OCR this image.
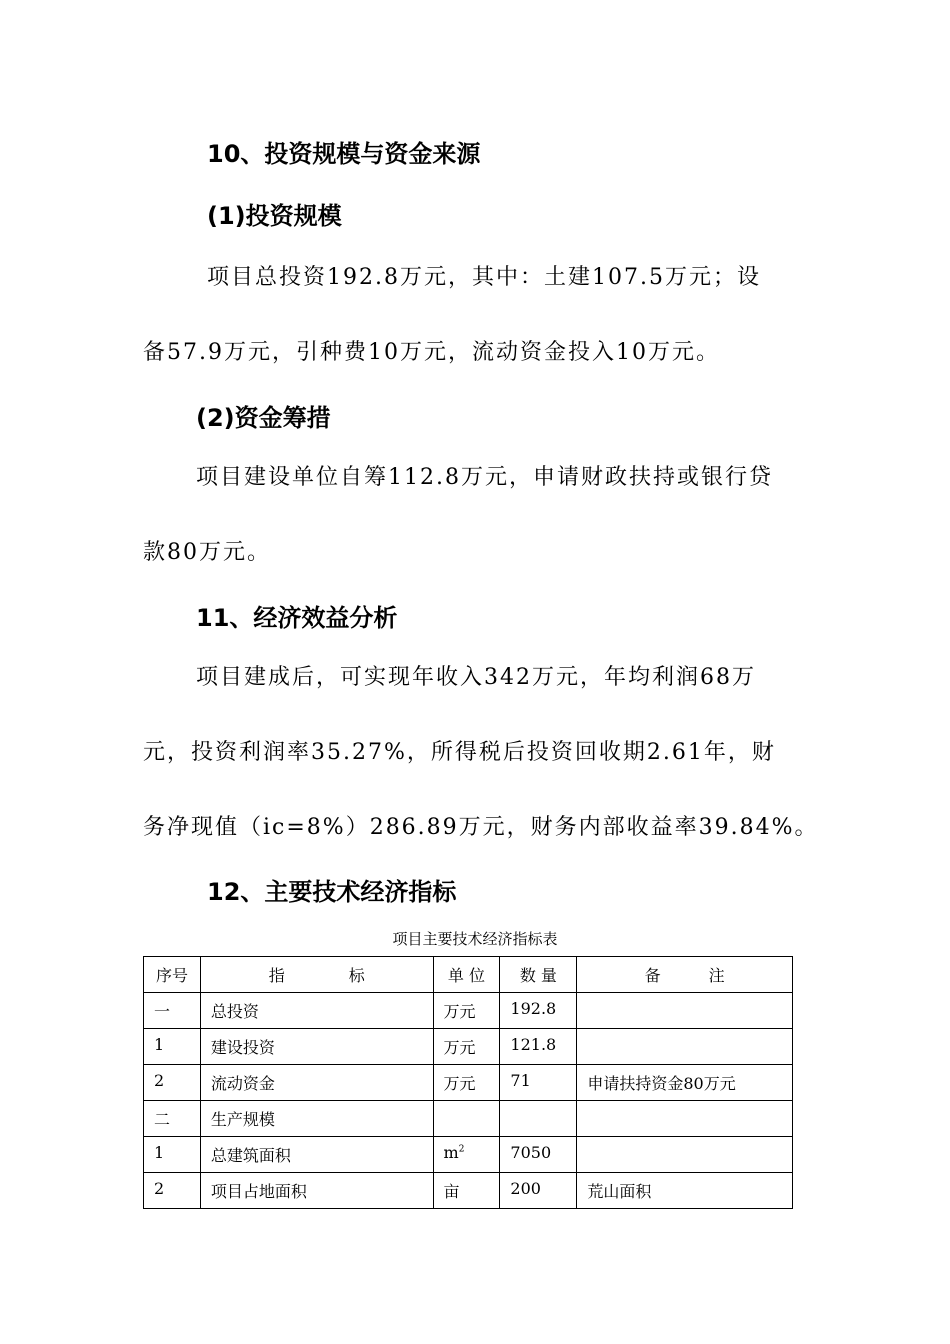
10、投资规模与资金来源
(1)投资规模
项目总投资192.8万元，其中：土建107.5万元；设
备57.9万元，引种费10万元，流动资金投入10万元。
(2)资金筹措
项目建设单位自筹112.8万元，申请财政扶持或银行贷
款80万元。
11、经济效益分析
项目建成后，可实现年收入342万元，年均利润68万
元，投资利润率35.27%，所得税后投资回收期2.61年，财
务净现值（ic=8%）286.89万元，财务内部收益率39.84%。
12、主要技术经济指标
项目主要技术经济指标表
序号	指　　　　标	单 位	数 量	备　　　注
一	总投资	万元	192.8	
1	建设投资	万元	121.8	
2	流动资金	万元	71	申请扶持资金80万元
二	生产规模			
1	总建筑面积	$m^2$	7050	
2	项目占地面积	亩	200	荒山面积
